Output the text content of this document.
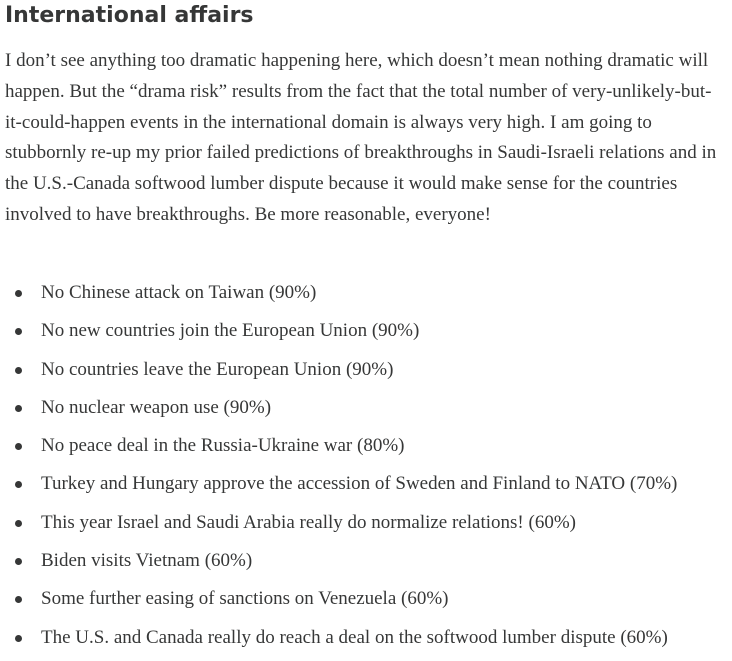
International affairs

I don’t see anything too dramatic happening here, which doesn’t mean nothing dramatic will happen. But the “drama risk” results from the fact that the total number of very-unlikely-but-it-could-happen events in the international domain is always very high. I am going to stubbornly re-up my prior failed predictions of breakthroughs in Saudi-Israeli relations and in the U.S.-Canada softwood lumber dispute because it would make sense for the countries involved to have breakthroughs. Be more reasonable, everyone!

No Chinese attack on Taiwan (90%)
No new countries join the European Union (90%)
No countries leave the European Union (90%)
No nuclear weapon use (90%)
No peace deal in the Russia-Ukraine war (80%)
Turkey and Hungary approve the accession of Sweden and Finland to NATO (70%)
This year Israel and Saudi Arabia really do normalize relations! (60%)
Biden visits Vietnam (60%)
Some further easing of sanctions on Venezuela (60%)
The U.S. and Canada really do reach a deal on the softwood lumber dispute (60%)
